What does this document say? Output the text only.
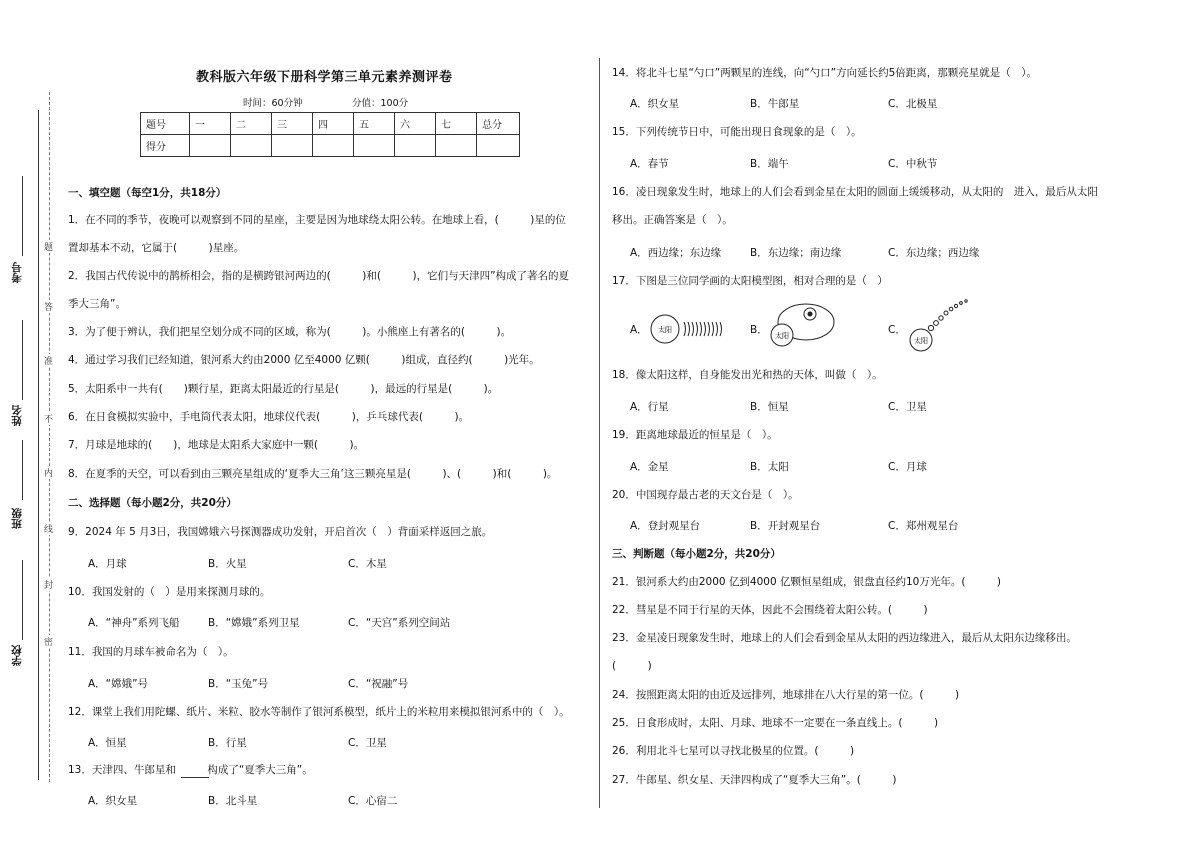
考号
姓名
班级
学校
题
答
准
不
内
线
封
密
教科版六年级下册科学第三单元素养测评卷
时间：60分钟	分值：100分
题号	一	二	三	四	五	六	七	总分
得分								
一、填空题（每空1分，共18分）
1．在不同的季节，夜晚可以观察到不同的星座，主要是因为地球绕太阳公转。在地球上看，(　　　)星的位
置却基本不动，它属于(　　　)星座。
2．我国古代传说中的鹊桥相会，指的是横跨银河两边的(　　　)和(　　　)，它们与天津四”构成了著名的夏
季大三角”。
3．为了便于辨认，我们把星空划分成不同的区域，称为(　　　)。小熊座上有著名的(　　　)。
4．通过学习我们已经知道，银河系大约由2000 亿至4000 亿颗(　　　)组成，直径约(　　　)光年。
5．太阳系中一共有(　　)颗行星，距离太阳最近的行星是(　　　)，最远的行星是(　　　)。
6．在日食模拟实验中，手电筒代表太阳，地球仪代表(　　　)，乒乓球代表(　　　)。
7．月球是地球的(　　)，地球是太阳系大家庭中一颗(　　　)。
8．在夏季的天空，可以看到由三颗亮星组成的‘夏季大三角’这三颗亮星是(　　　)、(　　　)和(　　　)。
二、选择题（每小题2分，共20分）
9．2024 年 5 月3日，我国嫦娥六号探测器成功发射，开启首次（　）背面采样返回之旅。
A．月球	B．火星	C．木星
10．我国发射的（　）是用来探测月球的。
A．“神舟”系列飞船	B．“嫦娥”系列卫星	C．“天宫”系列空间站
11．我国的月球车被命名为（　）。
A．“嫦娥”号	B．“玉兔”号	C．“祝融”号
12．课堂上我们用陀螺、纸片、米粒、胶水等制作了银河系模型，纸片上的米粒用来模拟银河系中的（　）。
A．恒星	B．行星	C．卫星
13．天津四、牛郎星和　　　构成了“夏季大三角”。
A．织女星	B．北斗星	C．心宿二
14．将北斗七星“勺口”两颗星的连线，向“勺口”方向延长约5倍距离，那颗亮星就是（　）。
A．织女星	B．牛郎星	C．北极星
15．下列传统节日中，可能出现日食现象的是（　）。
A．春节	B．端午	C．中秋节
16．凌日现象发生时，地球上的人们会看到金星在太阳的圆面上缓缓移动，从太阳的　进入，最后从太阳
移出。正确答案是（　）。
A．西边缘；东边缘	B．东边缘；南边缘	C．东边缘；西边缘
17．下图是三位同学画的太阳模型图，相对合理的是（　）
A． 太阳	B． 太阳	C．
太阳
18．像太阳这样，自身能发出光和热的天体，叫做（　）。
A．行星	B．恒星	C．卫星
19．距离地球最近的恒星是（　）。
A．金星	B．太阳	C．月球
20．中国现存最古老的天文台是（　）。
A．登封观星台	B．开封观星台	C．郑州观星台
三、判断题（每小题2分，共20分）
21．银河系大约由2000 亿到4000 亿颗恒星组成，银盘直径约10万光年。(　　　)
22．彗星是不同于行星的天体，因此不会围绕着太阳公转。(　　　)
23．金星凌日现象发生时，地球上的人们会看到金星从太阳的西边缘进入，最后从太阳东边缘移出。
(　　　)
24．按照距离太阳的由近及远排列，地球排在八大行星的第一位。(　　　)
25．日食形成时，太阳、月球、地球不一定要在一条直线上。(　　　)
26．利用北斗七星可以寻找北极星的位置。(　　　)
27．牛郎星、织女星、天津四构成了“夏季大三角”。(　　　)
